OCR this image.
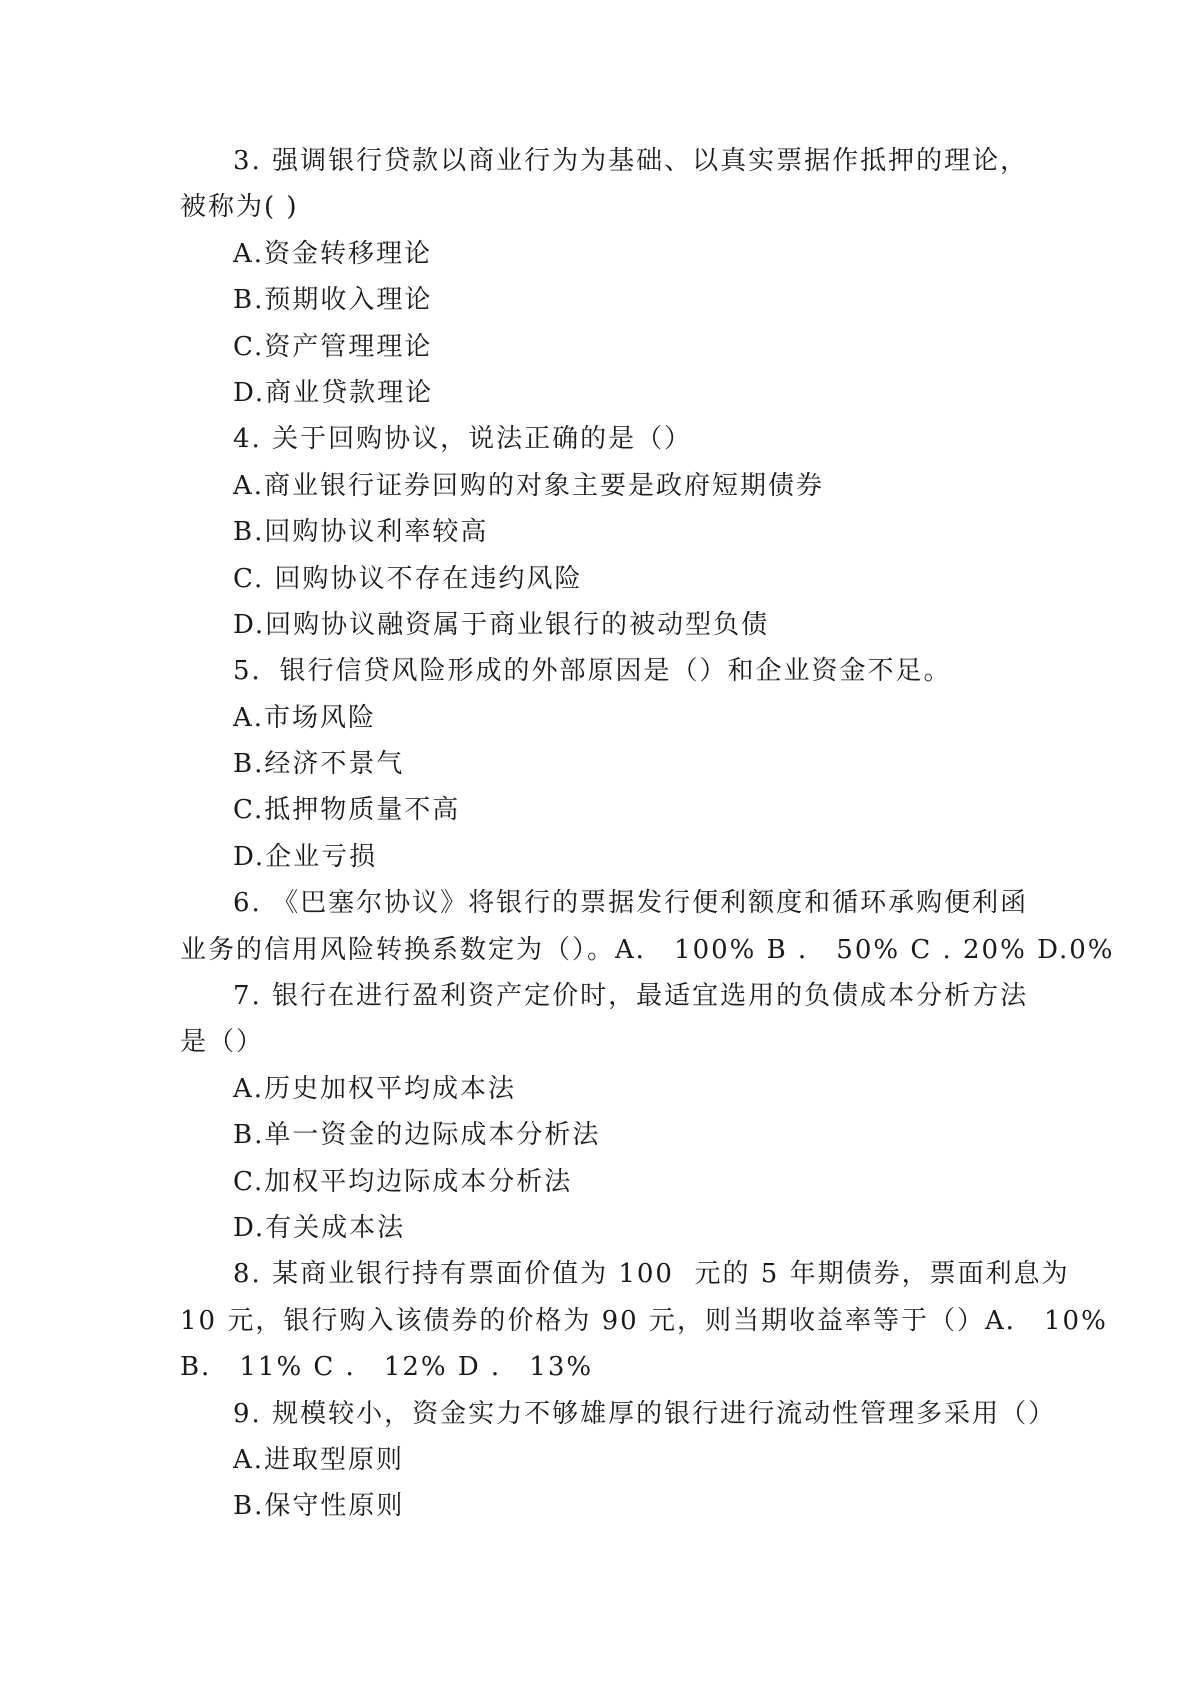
3. 强调银行贷款以商业行为为基础、以真实票据作抵押的理论，
被称为( )
A.资金转移理论
B.预期收入理论
C.资产管理理论
D.商业贷款理论
4. 关于回购协议，说法正确的是（）
A.商业银行证券回购的对象主要是政府短期债券
B.回购协议利率较高
C. 回购协议不存在违约风险
D.回购协议融资属于商业银行的被动型负债
5．银行信贷风险形成的外部原因是（）和企业资金不足。
A.市场风险
B.经济不景气
C.抵押物质量不高
D.企业亏损
6. 《巴塞尔协议》将银行的票据发行便利额度和循环承购便利函
业务的信用风险转换系数定为（）。A． 100% B ． 50% C . 20% D.0%
7. 银行在进行盈利资产定价时，最适宜选用的负债成本分析方法
是（）
A.历史加权平均成本法
B.单一资金的边际成本分析法
C.加权平均边际成本分析法
D.有关成本法
8. 某商业银行持有票面价值为 100  元的 5 年期债券，票面利息为
10 元，银行购入该债券的价格为 90 元，则当期收益率等于（）A． 10%
B． 11% C ． 12% D ． 13%
9. 规模较小，资金实力不够雄厚的银行进行流动性管理多采用（）
A.进取型原则
B.保守性原则
